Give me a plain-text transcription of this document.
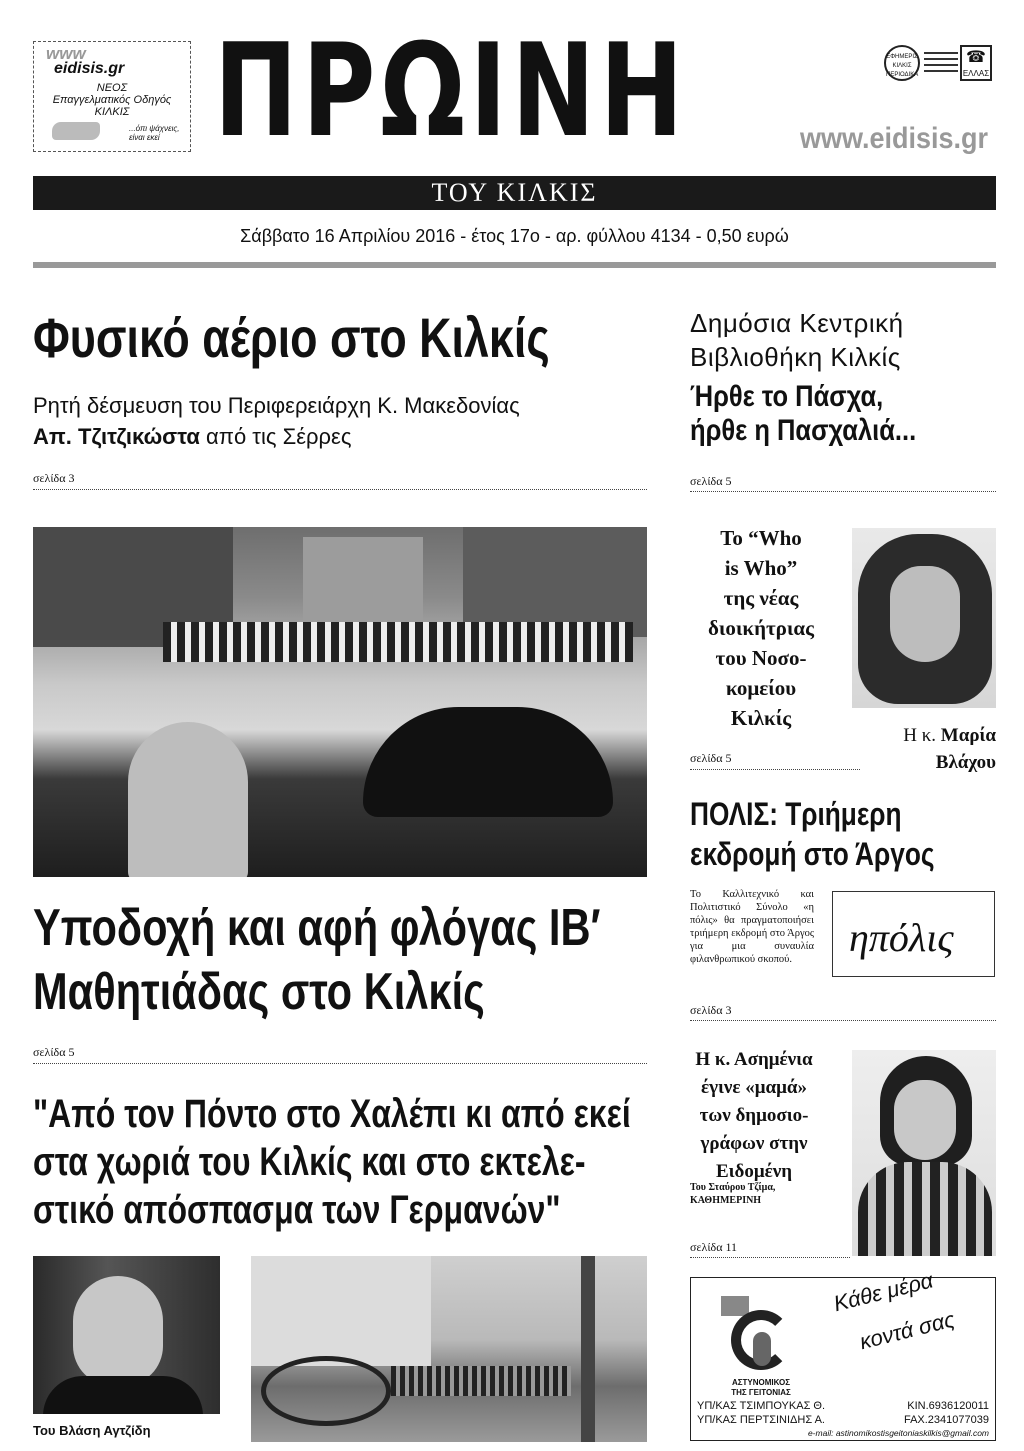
www
eidisis.gr
ΝΕΟΣ
Επαγγελματικός Οδηγός
ΚΙΛΚΙΣ
...όπι ψάχνεις,
είναι εκεί ΠΡΩΙΝΗ	ΕΦΗΜΕΡΙΣ ΚΙΛΚΙΣ ΠΕΡΙΟΔΙΚΑ
☎
ΕΛΛΑΣ
www.eidisis.gr
ΤΟΥ ΚΙΛΚΙΣ
Σάββατο 16 Απριλίου 2016 - έτος 17ο - αρ. φύλλου 4134 - 0,50 ευρώ
Φυσικό αέριο στο Κιλκίς
Ρητή δέσμευση του Περιφερειάρχη Κ. Μακεδονίας
Απ. Τζιτζικώστα από τις Σέρρες
σελίδα 3
Υποδοχή και αφή φλόγας ΙΒ′
Μαθητιάδας στο Κιλκίς
σελίδα 5
"Από τον Πόντο στο Χαλέπι κι από εκεί
στα χωριά του Κιλκίς και στο εκτελε-
στικό απόσπασμα των Γερμανών"
Του Βλάση Αγτζίδη
Δημόσια Κεντρική
Βιβλιοθήκη Κιλκίς
Ήρθε το Πάσχα,
ήρθε η Πασχαλιά...
σελίδα 5
Το “Who
is Who”
της νέας
διοικήτριας
του Νοσο-
κομείου
Κιλκίς
Η κ. Μαρία
Βλάχου
σελίδα 5
ΠΟΛΙΣ: Τριήμερη
εκδρομή στο Άργος
Το Καλλιτεχνικό και Πολιτιστικό Σύνολο «η πόλις» θα πραγματοποιήσει τριήμερη εκδρομή στο Άργος για μια συναυλία φιλανθρωπικού σκοπού.	ηπόλις
σελίδα 3
Η κ. Ασημένια
έγινε «μαμά»
των δημοσιο-
γράφων στην
Ειδομένη
Του Σταύρου Τζίμα,
ΚΑΘΗΜΕΡΙΝΗ
σελίδα 11
ΑΣΤΥΝΟΜΙΚΟΣ
ΤΗΣ ΓΕΙΤΟΝΙΑΣ
Κάθε μέρα
κοντά σας
ΥΠ/ΚΑΣ ΤΣΙΜΠΟΥΚΑΣ Θ.	ΚΙΝ.6936120011
ΥΠ/ΚΑΣ ΠΕΡΤΣΙΝΙΔΗΣ Α.	FAX.2341077039
e-mail: astinomikostisgeitoniaskilkis@gmail.com
